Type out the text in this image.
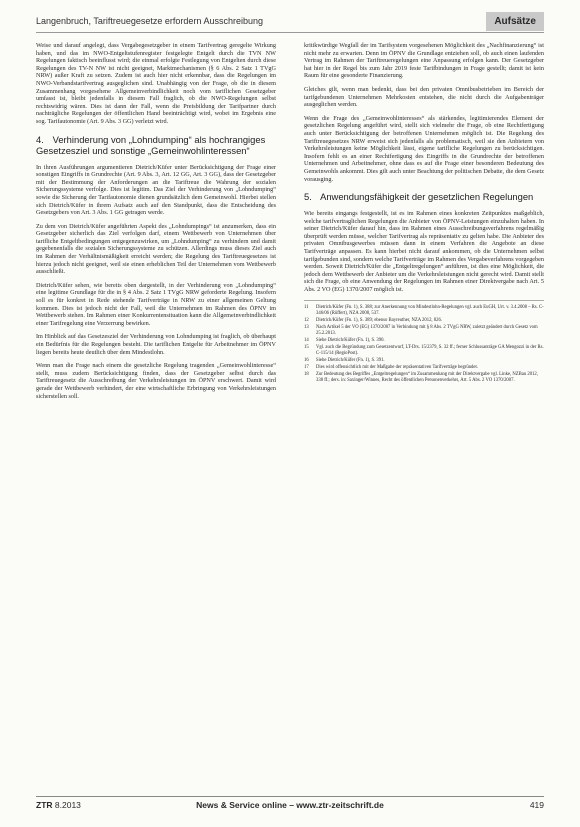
Langenbruch, Tariftreuegesetze erfordern Ausschreibung	Aufsätze

Weise und darauf angelegt, dass Vergabegesetzgeber in einem Tarifvertrag geregelte Wirkung haben, und das im NWO-Entgeltstufenregister festgelegte Entgelt durch die TVN NW Regelungen faktisch beeinflusst wird; die einmal erfolgte Festlegung von Entgelten durch diese Regelungen des TV-N NW ist nicht geeignet, Marktmechanismen (§ 6 Abs. 2 Satz 1 TVgG NRW) außer Kraft zu setzen. Zudem ist auch hier nicht erkennbar, dass die Regelungen im NWO-Verbandstarifvertrag ausgeglichen sind. Unabhängig von der Frage, ob die in diesem Zusammenhang vorgesehene Allgemeinverbindlichkeit noch vom tariflichen Gesetzgeber umfasst ist, bleibt jedenfalls in diesem Fall fraglich, ob die NWO-Regelungen selbst rechtswidrig wären. Dies ist dann der Fall, wenn die Preisbildung der Tarifpartner durch nachträgliche Regelungen der öffentlichen Hand beeinträchtigt wird, wobei im Ergebnis eine sog. Tarifautonomie (Art. 9 Abs. 3 GG) verletzt wird.

4. Verhinderung von „Lohndumping“ als hochrangiges Gesetzesziel und sonstige „Gemeinwohlinteressen“

In ihren Ausführungen argumentieren Dietrich/Küfer unter Berücksichtigung der Frage einer sonstigen Eingriffs in Grundrechte (Art. 9 Abs. 3, Art. 12 GG, Art. 3 GG), dass der Gesetzgeber mit der Bestimmung der Anforderungen an die Tariftreue die Wahrung der sozialen Sicherungssysteme verfolge. Dies ist legitim. Das Ziel der Verhinderung von „Lohndumping“ sowie die Sicherung der Tarifautonomie dienen grundsätzlich dem Gemeinwohl. Hierbei stellen sich Dietrich/Küfer in ihrem Aufsatz auch auf den Standpunkt, dass die Entscheidung des Gesetzgebers von Art. 3 Abs. 1 GG getragen werde.

Zu dem von Dietrich/Küfer angeführten Aspekt des „Lohndumpings“ ist anzumerken, dass ein Gesetzgeber sicherlich das Ziel verfolgen darf, einem Wettbewerb von Unternehmen über tarifliche Entgeltbedingungen entgegenzuwirken, um „Lohndumping“ zu verhindern und damit gegebenenfalls die sozialen Sicherungssysteme zu schützen. Allerdings muss dieses Ziel auch im Rahmen der Verhältnismäßigkeit erreicht werden; die Regelung des Tariftreuegesetzes ist hierzu jedoch nicht geeignet, weil sie einen erheblichen Teil der Unternehmen vom Wettbewerb ausschließt.

Dietrich/Küfer sehen, wie bereits oben dargestellt, in der Verhinderung von „Lohndumping“ eine legitime Grundlage für die in § 4 Abs. 2 Satz 1 TVgG NRW geforderte Regelung. Insofern soll es für konkret in Rede stehende Tarifverträge in NRW zu einer allgemeinen Geltung kommen. Dies ist jedoch nicht der Fall, weil die Unternehmen im Rahmen des ÖPNV im Wettbewerb stehen. Im Rahmen einer Konkurrentensituation kann die Allgemeinverbindlichkeit einer Tarifregelung eine Verzerrung bewirken.

Im Hinblick auf das Gesetzesziel der Verhinderung von Lohndumping ist fraglich, ob überhaupt ein Bedürfnis für die Regelungen besteht. Die tariflichen Entgelte für Arbeitnehmer im ÖPNV liegen bereits heute deutlich über dem Mindestlohn.

Wenn man die Frage nach einem die gesetzliche Regelung tragenden „Gemeinwohlinteresse“ stellt, muss zudem Berücksichtigung finden, dass der Gesetzgeber selbst durch das Tariftreuegesetz die Ausschreibung der Verkehrsleistungen im ÖPNV erschwert. Damit wird gerade der Wettbewerb verhindert, der eine wirtschaftliche Erbringung von Verkehrsleistungen sicherstellen soll.

kritikwürdige Wegfall der im Tarifsystem vorgesehenen Möglichkeit des „Nachfinanzierung“ ist nicht mehr zu erwarten. Denn im ÖPNV die Grundlage entziehen soll, ob auch einen laufenden Vertrag im Rahmen der Tariftreueregelungen eine Anpassung erfolgen kann. Der Gesetzgeber hat hier in der Regel bis zum Jahr 2019 feste Tarifbindungen in Frage gestellt; damit ist kein Raum für eine gesonderte Finanzierung.

Gleiches gilt, wenn man bedenkt, dass bei den privaten Omnibusbetrieben im Bereich der tarifgebundenen Unternehmen Mehrkosten entstehen, die nicht durch die Aufgabenträger ausgeglichen werden.

Wenn die Frage des „Gemeinwohlinteresses“ als stärkendes, legitimierendes Element der gesetzlichen Regelung angeführt wird, stellt sich vielmehr die Frage, ob eine Rechtfertigung auch unter Berücksichtigung der betroffenen Unternehmen möglich ist. Die Regelung des Tariftreuegesetzes NRW erweist sich jedenfalls als problematisch, weil sie den Anbietern von Verkehrsleistungen keine Möglichkeit lässt, eigene tarifliche Regelungen zu berücksichtigen. Insofern fehlt es an einer Rechtfertigung des Eingriffs in die Grundrechte der betroffenen Unternehmen und Arbeitnehmer, ohne dass es auf die Frage einer besonderen Bedeutung des Gemeinwohls ankommt. Dies gilt auch unter Beachtung der politischen Debatte, die dem Gesetz vorausging.

5. Anwendungsfähigkeit der gesetzlichen Regelungen

Wie bereits eingangs festgestellt, ist es im Rahmen eines konkreten Zeitpunktes maßgeblich, welche tarifvertraglichen Regelungen die Anbieter von ÖPNV-Leistungen einzuhalten haben. In seiner Dietrich/Küfer darauf hin, dass im Rahmen eines Ausschreibungsverfahrens regelmäßig überprüft werden müsse, welcher Tarifvertrag als repräsentativ zu gelten habe. Die Anbieter des privaten Omnibusgewerbes müssen dann in einem Verfahren die Angebote an diese Tarifverträge anpassen. Es kann hierbei nicht darauf ankommen, ob die Unternehmen selbst tarifgebunden sind, sondern welche Tarifverträge im Rahmen des Vergabeverfahrens vorgegeben werden. Soweit Dietrich/Küfer die „Entgeltregelungen“ anführen, ist dies eine Möglichkeit, die jedoch dem Wettbewerb der Anbieter um die Verkehrsleistungen nicht gerecht wird. Damit stellt sich die Frage, ob eine Anwendung der Regelungen im Rahmen einer Direktvergabe nach Art. 5 Abs. 2 VO (EG) 1370/2007 möglich ist.

11	Dietrich/Küfer (Fn. 1), S. 388; zur Anerkennung von Mindestlohn-Regelungen vgl. auch EuGH, Urt. v. 3.4.2008 – Rs. C-346/06 (Rüffert), NZA 2008, 537.
12	Dietrich/Küfer (Fn. 1), S. 389; ebenso Bayreuther, NZA 2012, 826.
13	Nach Artikel 5 der VO (EG) 1370/2007 in Verbindung mit § 8 Abs. 2 TVgG NRW, zuletzt geändert durch Gesetz vom 25.2.2013.
14	Siehe Dietrich/Küfer (Fn. 1), S. 390.
15	Vgl. auch die Begründung zum Gesetzentwurf, LT-Drs. 15/2379, S. 32 ff.; ferner Schlussanträge GA Mengozzi in der Rs. C-115/14 (RegioPost).
16	Siehe Dietrich/Küfer (Fn. 1), S. 391.
17	Dies wird offensichtlich mit der Maßgabe der repräsentativen Tarifverträge begründet.
18	Zur Bedeutung des Begriffes „Entgeltregelungen“ im Zusammenhang mit der Direktvergabe vgl. Linke, NZBau 2012, 338 ff.; ders. in: Saxinger/Winnes, Recht des öffentlichen Personenverkehrs, Art. 5 Abs. 2 VO 1370/2007.
ZTR 8.2013	News & Service online – www.ztr-zeitschrift.de	419
